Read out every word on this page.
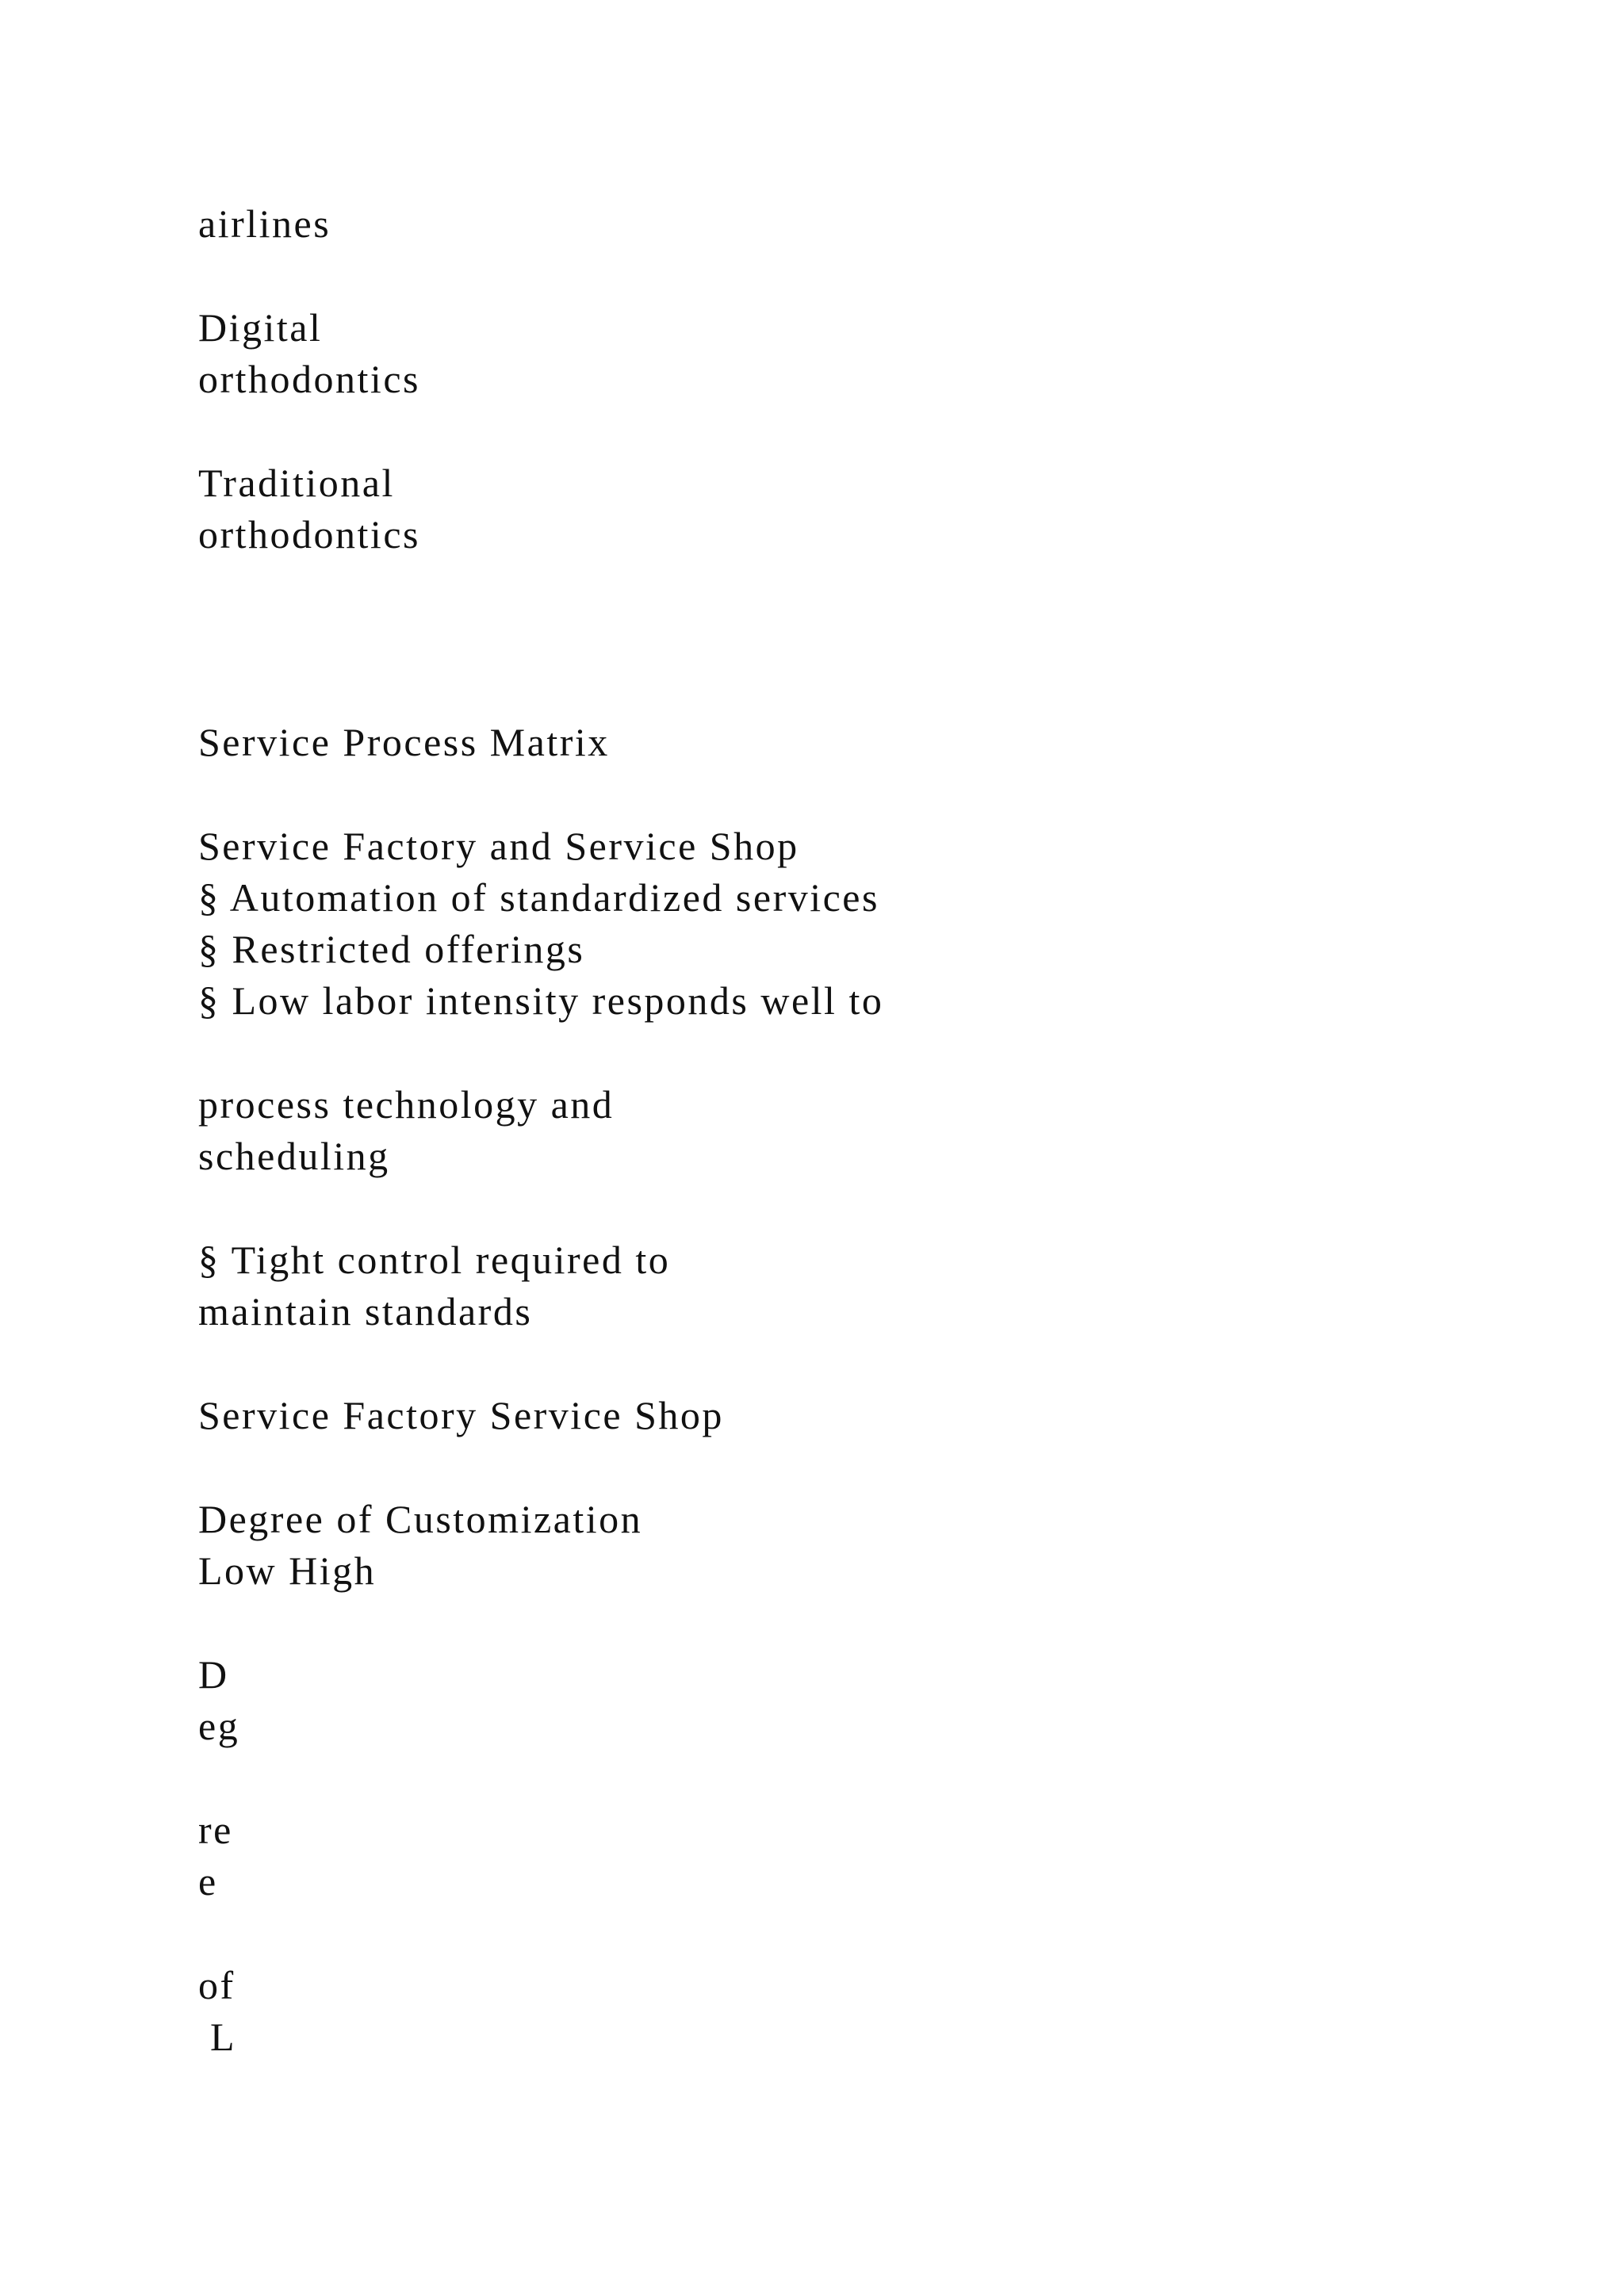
airlines

Digital

orthodontics

Traditional

orthodontics

Service Process Matrix

Service Factory and Service Shop

§ Automation of standardized services

§ Restricted offerings

§ Low labor intensity responds well to

process technology and

scheduling

§ Tight control required to

maintain standards

Service Factory Service Shop

Degree of Customization

Low High

D

eg

re

e

of

L
